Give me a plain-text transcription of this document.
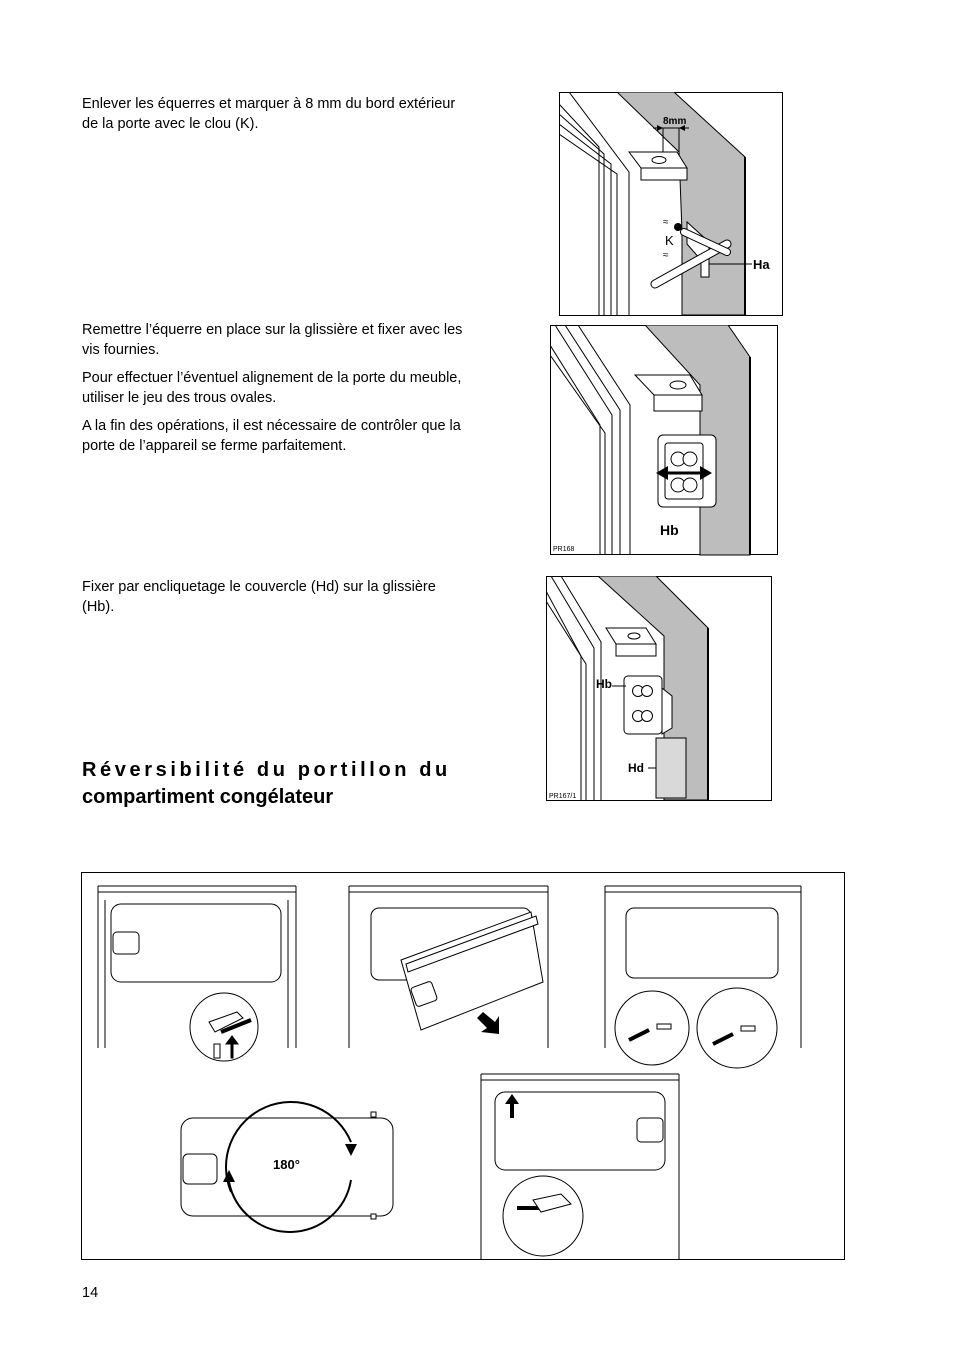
Enlever les équerres et marquer à 8 mm du bord extérieur de la porte avec le clou (K).	8mm
≈
≈
K
Ha

Remettre l’équerre en place sur la glissière et fixer avec les vis fournies.

Pour effectuer l’éventuel alignement de la porte du meuble, utiliser le jeu des trous ovales.

A la fin des opérations, il est nécessaire de contrôler que la porte de l’appareil se ferme parfaitement.

Hb
PR168

Fixer par encliquetage le couvercle (Hd) sur la glissière (Hb).

Hb
Hd
PR167/1
Réversibilité du portillon du
compartiment congélateur
180°
14
